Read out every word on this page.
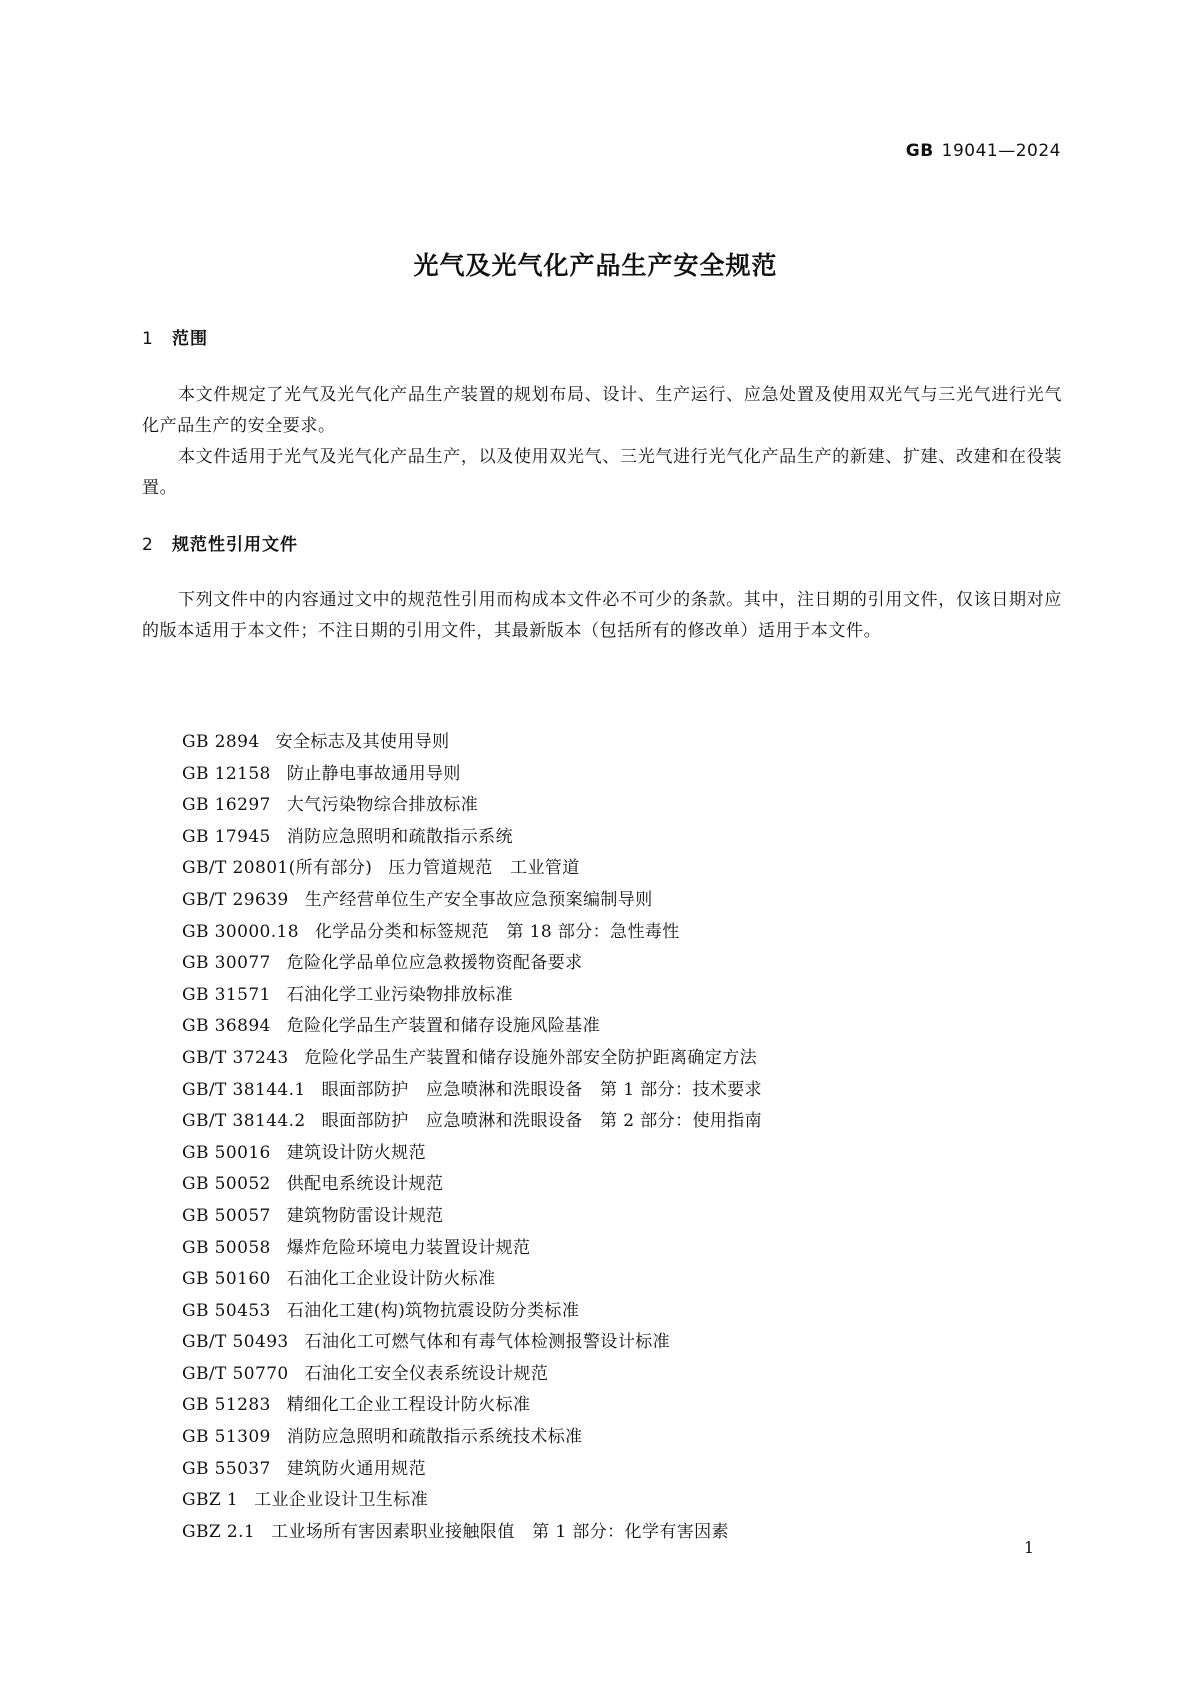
GB 19041—2024
光气及光气化产品生产安全规范
1 范围
本文件规定了光气及光气化产品生产装置的规划布局、设计、生产运行、应急处置及使用双光气与三光气进行光气化产品生产的安全要求。
本文件适用于光气及光气化产品生产，以及使用双光气、三光气进行光气化产品生产的新建、扩建、改建和在役装置。
2 规范性引用文件
下列文件中的内容通过文中的规范性引用而构成本文件必不可少的条款。其中，注日期的引用文件，仅该日期对应的版本适用于本文件；不注日期的引用文件，其最新版本（包括所有的修改单）适用于本文件。
GB 2894 安全标志及其使用导则
GB 12158 防止静电事故通用导则
GB 16297 大气污染物综合排放标准
GB 17945 消防应急照明和疏散指示系统
GB/T 20801(所有部分) 压力管道规范　工业管道
GB/T 29639 生产经营单位生产安全事故应急预案编制导则
GB 30000.18 化学品分类和标签规范　第 18 部分：急性毒性
GB 30077 危险化学品单位应急救援物资配备要求
GB 31571 石油化学工业污染物排放标准
GB 36894 危险化学品生产装置和储存设施风险基准
GB/T 37243 危险化学品生产装置和储存设施外部安全防护距离确定方法
GB/T 38144.1 眼面部防护　应急喷淋和洗眼设备　第 1 部分：技术要求
GB/T 38144.2 眼面部防护　应急喷淋和洗眼设备　第 2 部分：使用指南
GB 50016 建筑设计防火规范
GB 50052 供配电系统设计规范
GB 50057 建筑物防雷设计规范
GB 50058 爆炸危险环境电力装置设计规范
GB 50160 石油化工企业设计防火标准
GB 50453 石油化工建(构)筑物抗震设防分类标准
GB/T 50493 石油化工可燃气体和有毒气体检测报警设计标准
GB/T 50770 石油化工安全仪表系统设计规范
GB 51283 精细化工企业工程设计防火标准
GB 51309 消防应急照明和疏散指示系统技术标准
GB 55037 建筑防火通用规范
GBZ 1 工业企业设计卫生标准
GBZ 2.1 工业场所有害因素职业接触限值　第 1 部分：化学有害因素
1
